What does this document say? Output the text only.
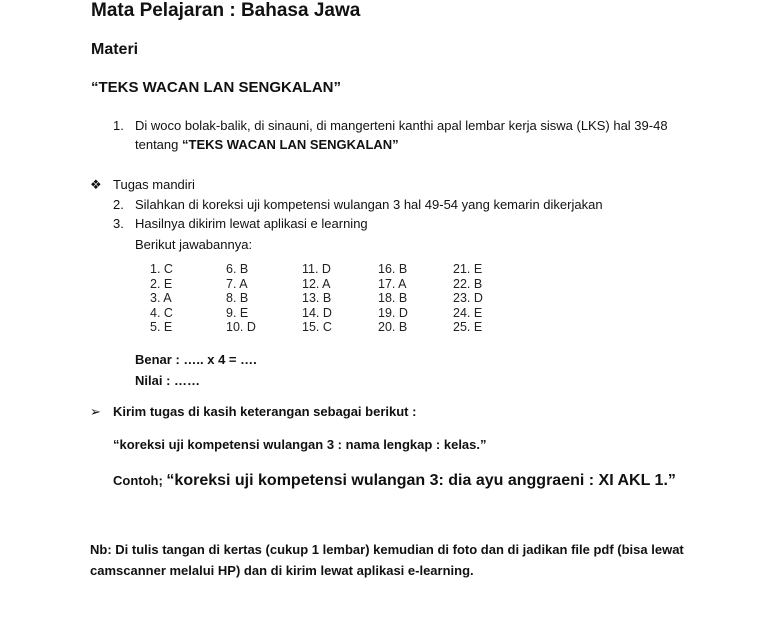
Mata Pelajaran : Bahasa Jawa
Materi
“TEKS WACAN LAN SENGKALAN”
1. Di woco bolak-balik, di sinauni, di mangerteni kanthi apal lembar kerja siswa (LKS) hal 39-48
tentang “TEKS WACAN LAN SENGKALAN”
❖ Tugas mandiri
2. Silahkan di koreksi uji kompetensi wulangan 3 hal 49-54 yang kemarin dikerjakan
3. Hasilnya dikirim lewat aplikasi e learning
Berikut jawabannya:
1. C
2. E
3. A
4. C
5. E
6. B
7. A
8. B
9. E
10. D
11. D
12. A
13. B
14. D
15. C
16. B
17. A
18. B
19. D
20. B
21. E
22. B
23. D
24. E
25. E
Benar : ….. x 4 = ….
Nilai : ……
➢ Kirim tugas di kasih keterangan sebagai berikut :
“koreksi uji kompetensi wulangan 3 : nama lengkap : kelas.”
Contoh; “koreksi uji kompetensi wulangan 3: dia ayu anggraeni : XI AKL 1.”
Nb: Di tulis tangan di kertas (cukup 1 lembar) kemudian di foto dan di jadikan file pdf (bisa lewat
camscanner melalui HP) dan di kirim lewat aplikasi e-learning.
